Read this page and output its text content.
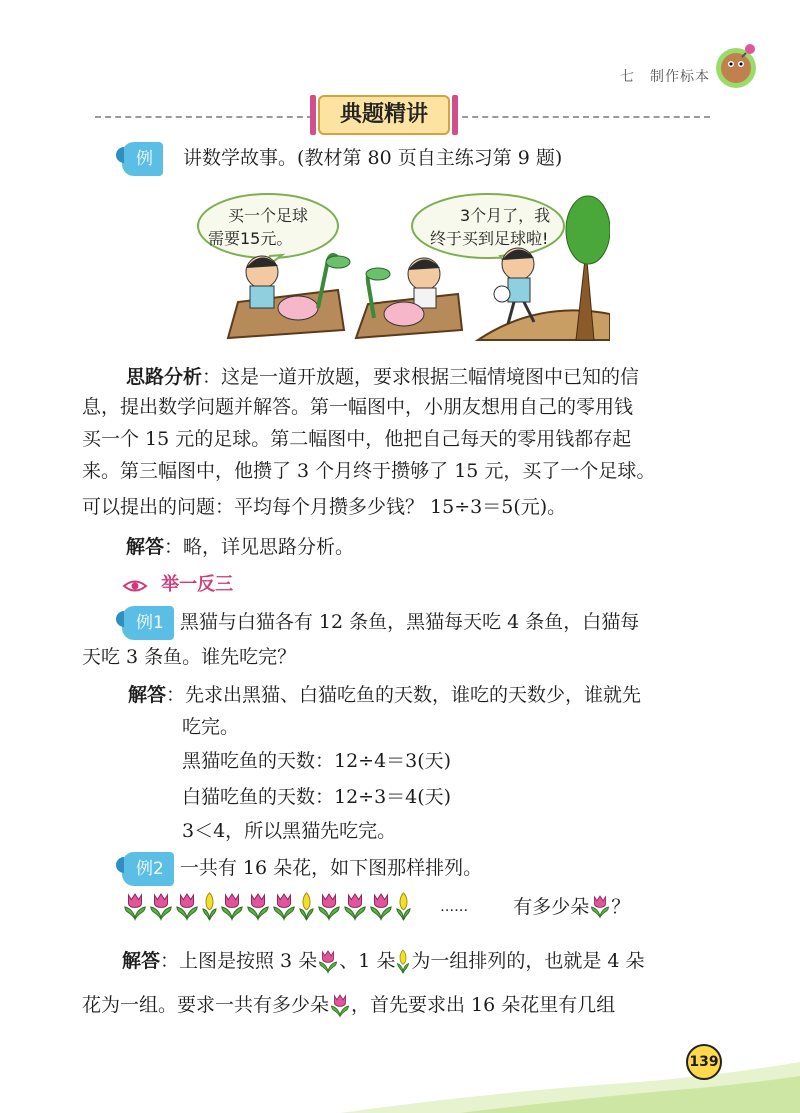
七　制作标本
典题精讲
例 讲数学故事。(教材第 80 页自主练习第 9 题)
买一个足球
需要15元。
3个月了，我
终于买到足球啦!
思路分析：这是一道开放题，要求根据三幅情境图中已知的信
息，提出数学问题并解答。第一幅图中，小朋友想用自己的零用钱
买一个 15 元的足球。第二幅图中，他把自己每天的零用钱都存起
来。第三幅图中，他攒了 3 个月终于攒够了 15 元，买了一个足球。
可以提出的问题：平均每个月攒多少钱？ 15÷3＝5(元)。
解答：略，详见思路分析。
举一反三
例1 黑猫与白猫各有 12 条鱼，黑猫每天吃 4 条鱼，白猫每
天吃 3 条鱼。谁先吃完？
解答：先求出黑猫、白猫吃鱼的天数，谁吃的天数少，谁就先
吃完。
黑猫吃鱼的天数：12÷4＝3(天)
白猫吃鱼的天数：12÷3＝4(天)
3＜4，所以黑猫先吃完。
例2 一共有 16 朵花，如下图那样排列。
…… 有多少朵 ？
解答：上图是按照 3 朵 、1 朵 为一组排列的，也就是 4 朵
花为一组。要求一共有多少朵 ，首先要求出 16 朵花里有几组
139
